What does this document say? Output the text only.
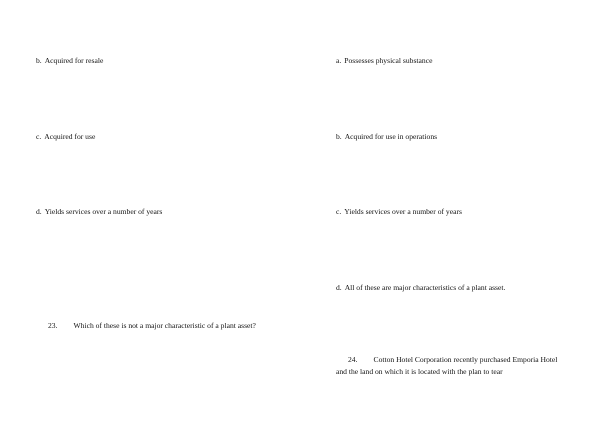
b. Acquired for resale
c. Acquired for use
d. Yields services over a number of years
23. Which of these is not a major characteristic of a plant asset?
a. Possesses physical substance
b. Acquired for use in operations
c. Yields services over a number of years
d. All of these are major characteristics of a plant asset.
24. Cotton Hotel Corporation recently purchased Emporia Hotel and the land on which it is located with the plan to tear
